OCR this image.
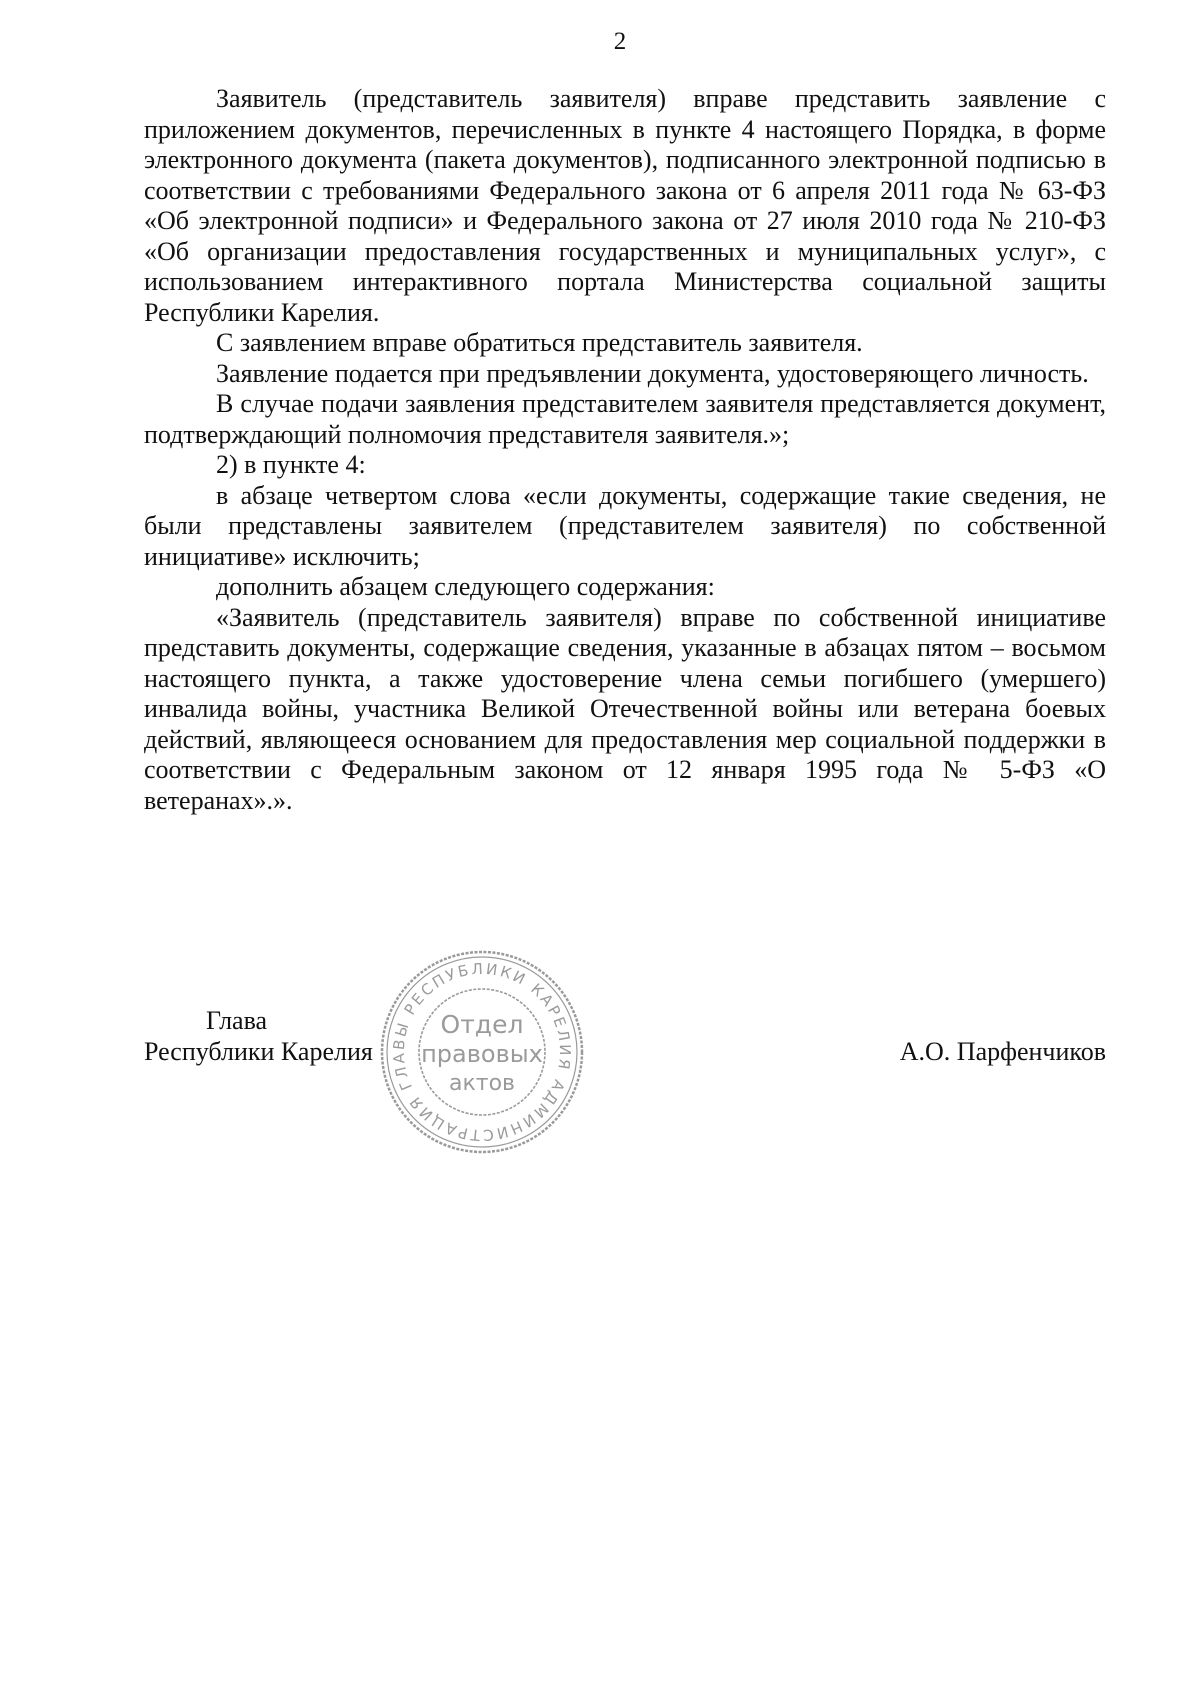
2

Заявитель (представитель заявителя) вправе представить заявление с приложением документов, перечисленных в пункте 4 настоящего Порядка, в форме электронного документа (пакета документов), подписанного электронной подписью в соответствии с требованиями Федерального закона от 6 апреля 2011 года № 63-ФЗ «Об электронной подписи» и Федерального закона от 27 июля 2010 года № 210-ФЗ «Об организации предоставления государственных и муниципальных услуг», с использованием интерактивного портала Министерства социальной защиты Республики Карелия.

С заявлением вправе обратиться представитель заявителя.

Заявление подается при предъявлении документа, удостоверяющего личность.

В случае подачи заявления представителем заявителя представляется документ, подтверждающий полномочия представителя заявителя.»;

2) в пункте 4:

в абзаце четвертом слова «если документы, содержащие такие сведения, не были представлены заявителем (представителем заявителя) по собственной инициативе» исключить;

дополнить абзацем следующего содержания:

«Заявитель (представитель заявителя) вправе по собственной инициативе представить документы, содержащие сведения, указанные в абзацах пятом – восьмом настоящего пункта, а также удостоверение члена семьи погибшего (умершего) инвалида войны, участника Великой Отечественной войны или ветерана боевых действий, являющееся основанием для предоставления мер социальной поддержки в соответствии с Федеральным законом от 12 января 1995 года № 5-ФЗ «О ветеранах».».

Глава
Республики Карелия	А.О. Парфенчиков
АДМИНИСТРАЦИЯ ГЛАВЫ РЕСПУБЛИКИ КАРЕЛИЯ
Отдел
правовых
актов
